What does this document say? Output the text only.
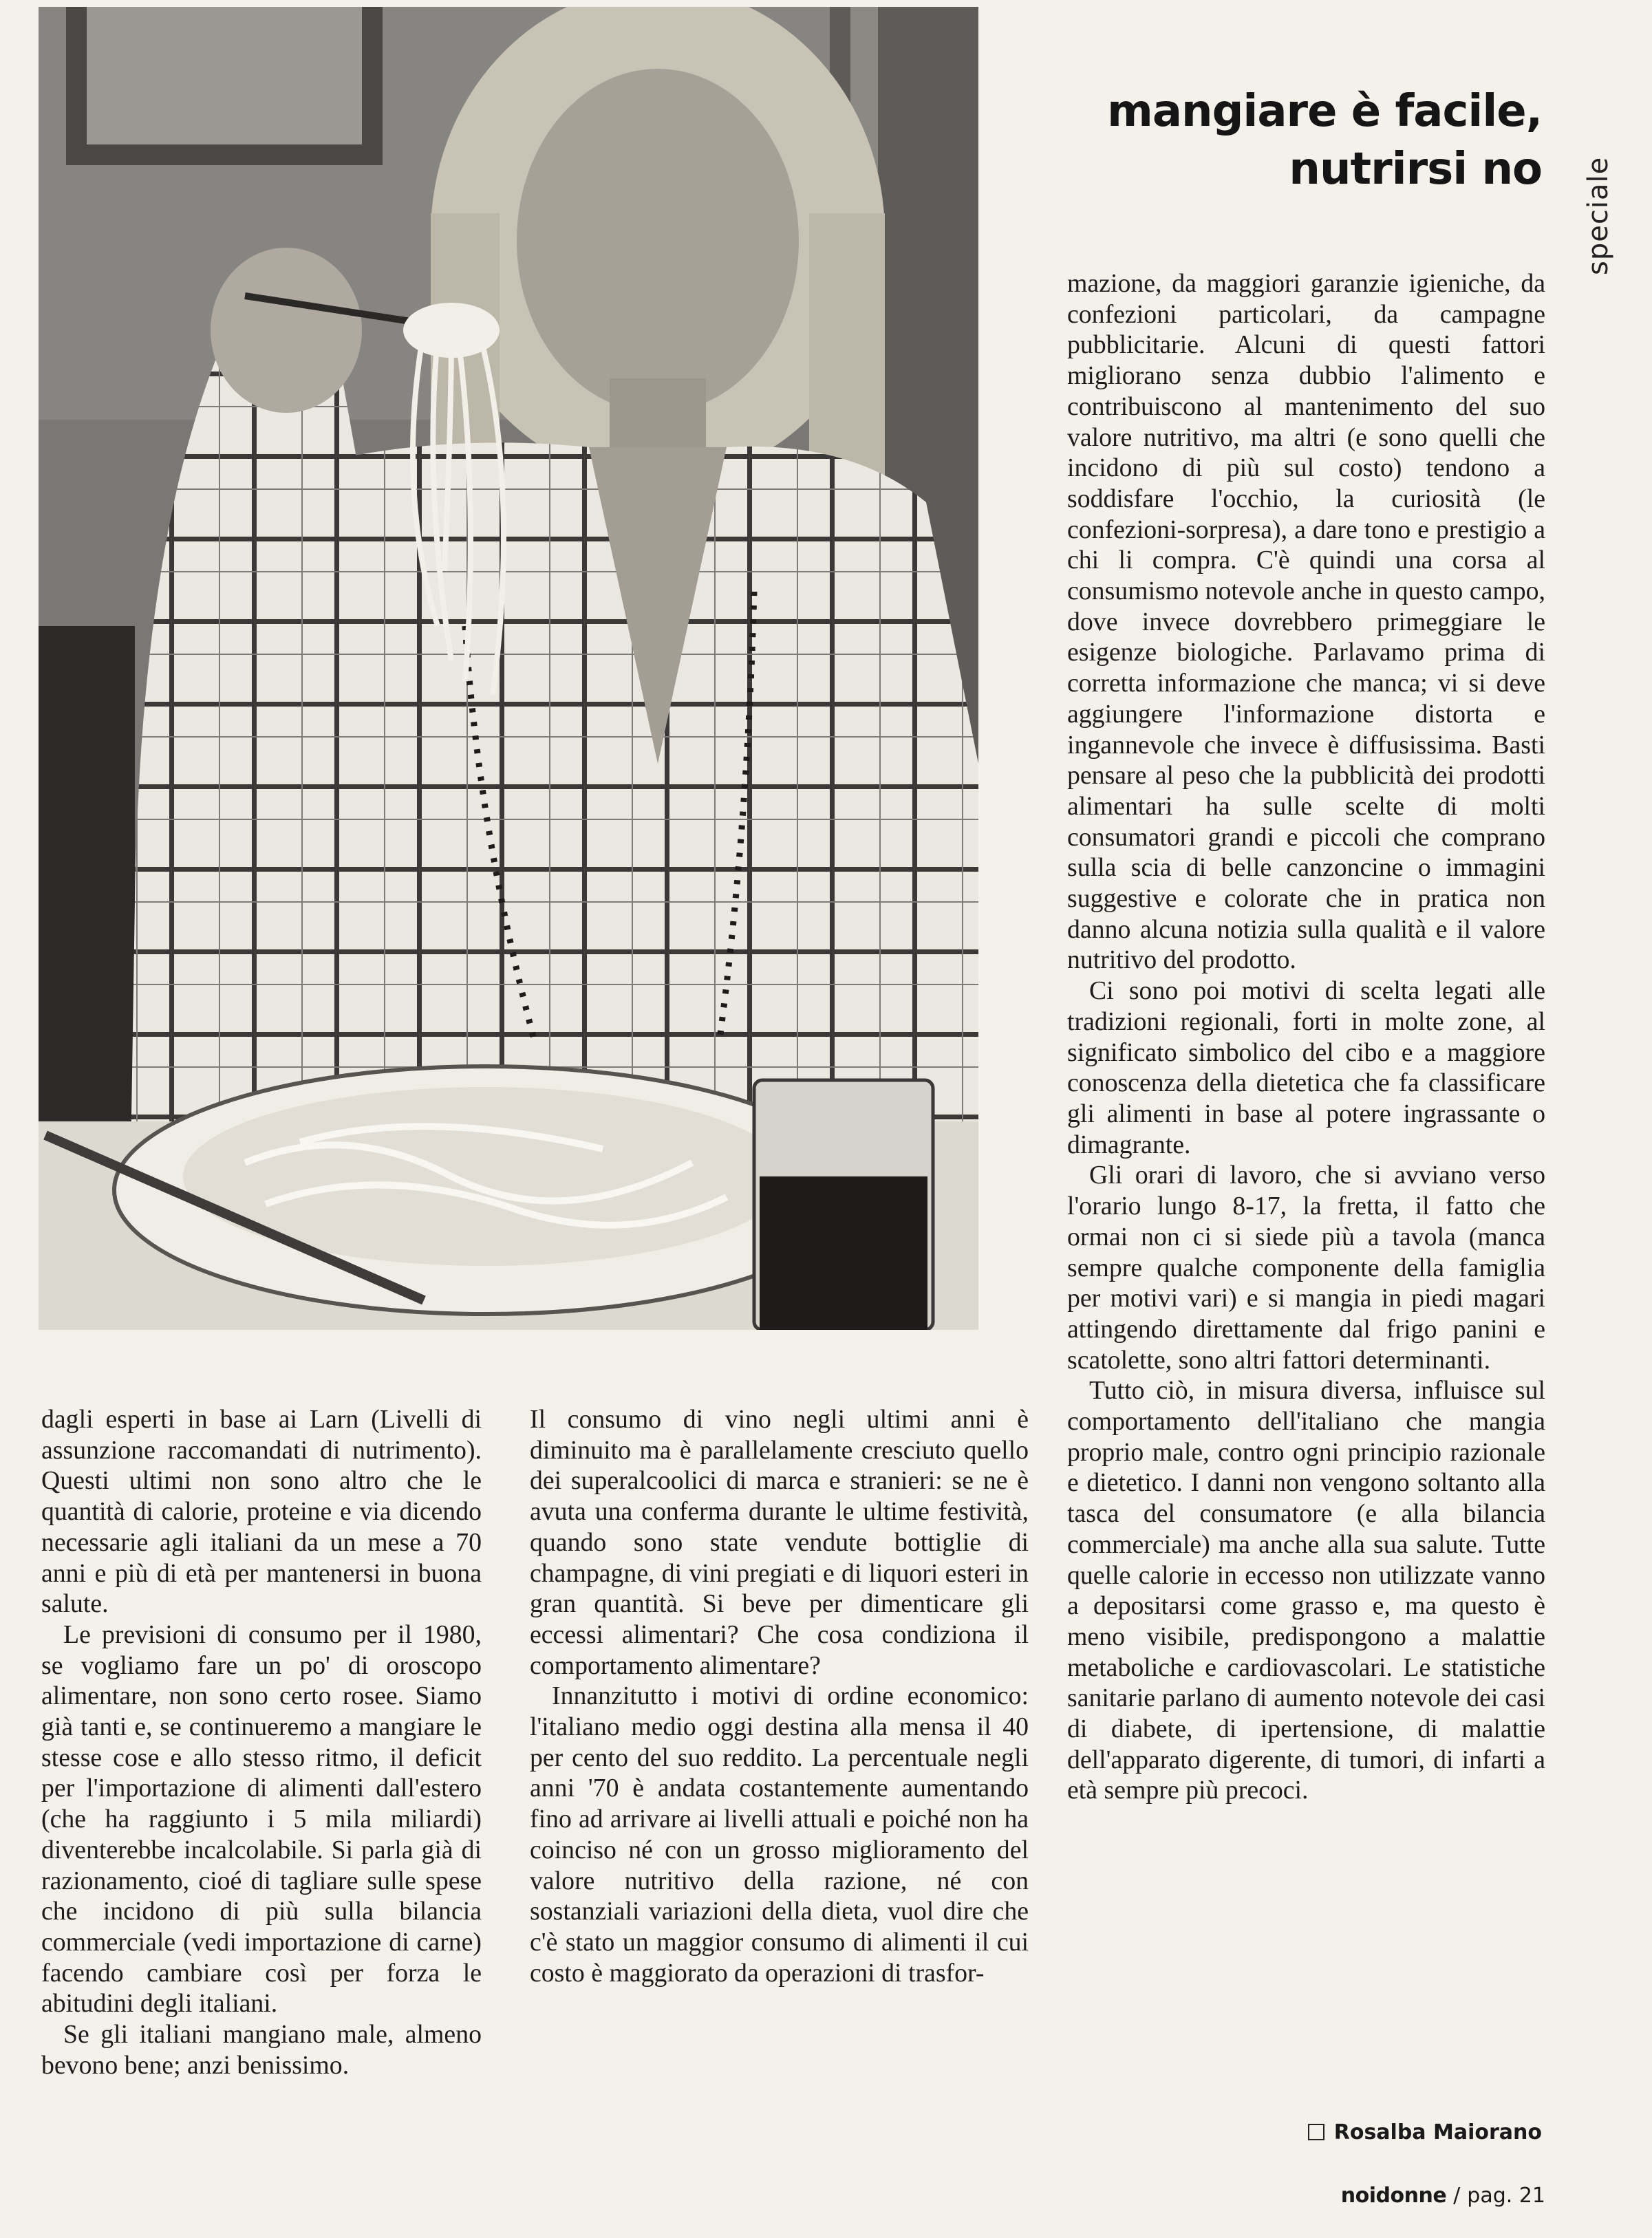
mangiare è facile,
nutrirsi no speciale

dagli esperti in base ai Larn (Livelli di assunzione raccomandati di nutrimento). Questi ultimi non sono altro che le quantità di calorie, proteine e via dicendo necessarie agli italiani da un mese a 70 anni e più di età per mantenersi in buona salute.

Le previsioni di consumo per il 1980, se vogliamo fare un po' di oroscopo alimentare, non sono certo rosee. Siamo già tanti e, se continueremo a mangiare le stesse cose e allo stesso ritmo, il deficit per l'importazione di alimenti dall'estero (che ha raggiunto i 5 mila miliardi) diventerebbe incalcolabile. Si parla già di razionamento, cioé di tagliare sulle spese che incidono di più sulla bilancia commerciale (vedi importazione di carne) facendo cambiare così per forza le abitudini degli italiani.

Se gli italiani mangiano male, almeno bevono bene; anzi benissimo.

Il consumo di vino negli ultimi anni è diminuito ma è parallelamente cresciuto quello dei superalcoolici di marca e stranieri: se ne è avuta una conferma durante le ultime festività, quando sono state vendute bottiglie di champagne, di vini pregiati e di liquori esteri in gran quantità. Si beve per dimenticare gli eccessi alimentari? Che cosa condiziona il comportamento alimentare?

Innanzitutto i motivi di ordine economico: l'italiano medio oggi destina alla mensa il 40 per cento del suo reddito. La percentuale negli anni '70 è andata costantemente aumentando fino ad arrivare ai livelli attuali e poiché non ha coinciso né con un grosso miglioramento del valore nutritivo della razione, né con sostanziali variazioni della dieta, vuol dire che c'è stato un maggior consumo di alimenti il cui costo è maggiorato da operazioni di trasfor-

mazione, da maggiori garanzie igieniche, da confezioni particolari, da campagne pubblicitarie. Alcuni di questi fattori migliorano senza dubbio l'alimento e contribuiscono al mantenimento del suo valore nutritivo, ma altri (e sono quelli che incidono di più sul costo) tendono a soddisfare l'occhio, la curiosità (le confezioni-sorpresa), a dare tono e prestigio a chi li compra. C'è quindi una corsa al consumismo notevole anche in questo campo, dove invece dovrebbero primeggiare le esigenze biologiche. Parlavamo prima di corretta informazione che manca; vi si deve aggiungere l'informazione distorta e ingannevole che invece è diffusissima. Basti pensare al peso che la pubblicità dei prodotti alimentari ha sulle scelte di molti consumatori grandi e piccoli che comprano sulla scia di belle canzoncine o immagini suggestive e colorate che in pratica non danno alcuna notizia sulla qualità e il valore nutritivo del prodotto.

Ci sono poi motivi di scelta legati alle tradizioni regionali, forti in molte zone, al significato simbolico del cibo e a maggiore conoscenza della dietetica che fa classificare gli alimenti in base al potere ingrassante o dimagrante.

Gli orari di lavoro, che si avviano verso l'orario lungo 8-17, la fretta, il fatto che ormai non ci si siede più a tavola (manca sempre qualche componente della famiglia per motivi vari) e si mangia in piedi magari attingendo direttamente dal frigo panini e scatolette, sono altri fattori determinanti.

Tutto ciò, in misura diversa, influisce sul comportamento dell'italiano che mangia proprio male, contro ogni principio razionale e dietetico. I danni non vengono soltanto alla tasca del consumatore (e alla bilancia commerciale) ma anche alla sua salute. Tutte quelle calorie in eccesso non utilizzate vanno a depositarsi come grasso e, ma questo è meno visibile, predispongono a malattie metaboliche e cardiovascolari. Le statistiche sanitarie parlano di aumento notevole dei casi di diabete, di ipertensione, di malattie dell'apparato digerente, di tumori, di infarti a età sempre più precoci.

Rosalba Maiorano
noidonne / pag. 21
